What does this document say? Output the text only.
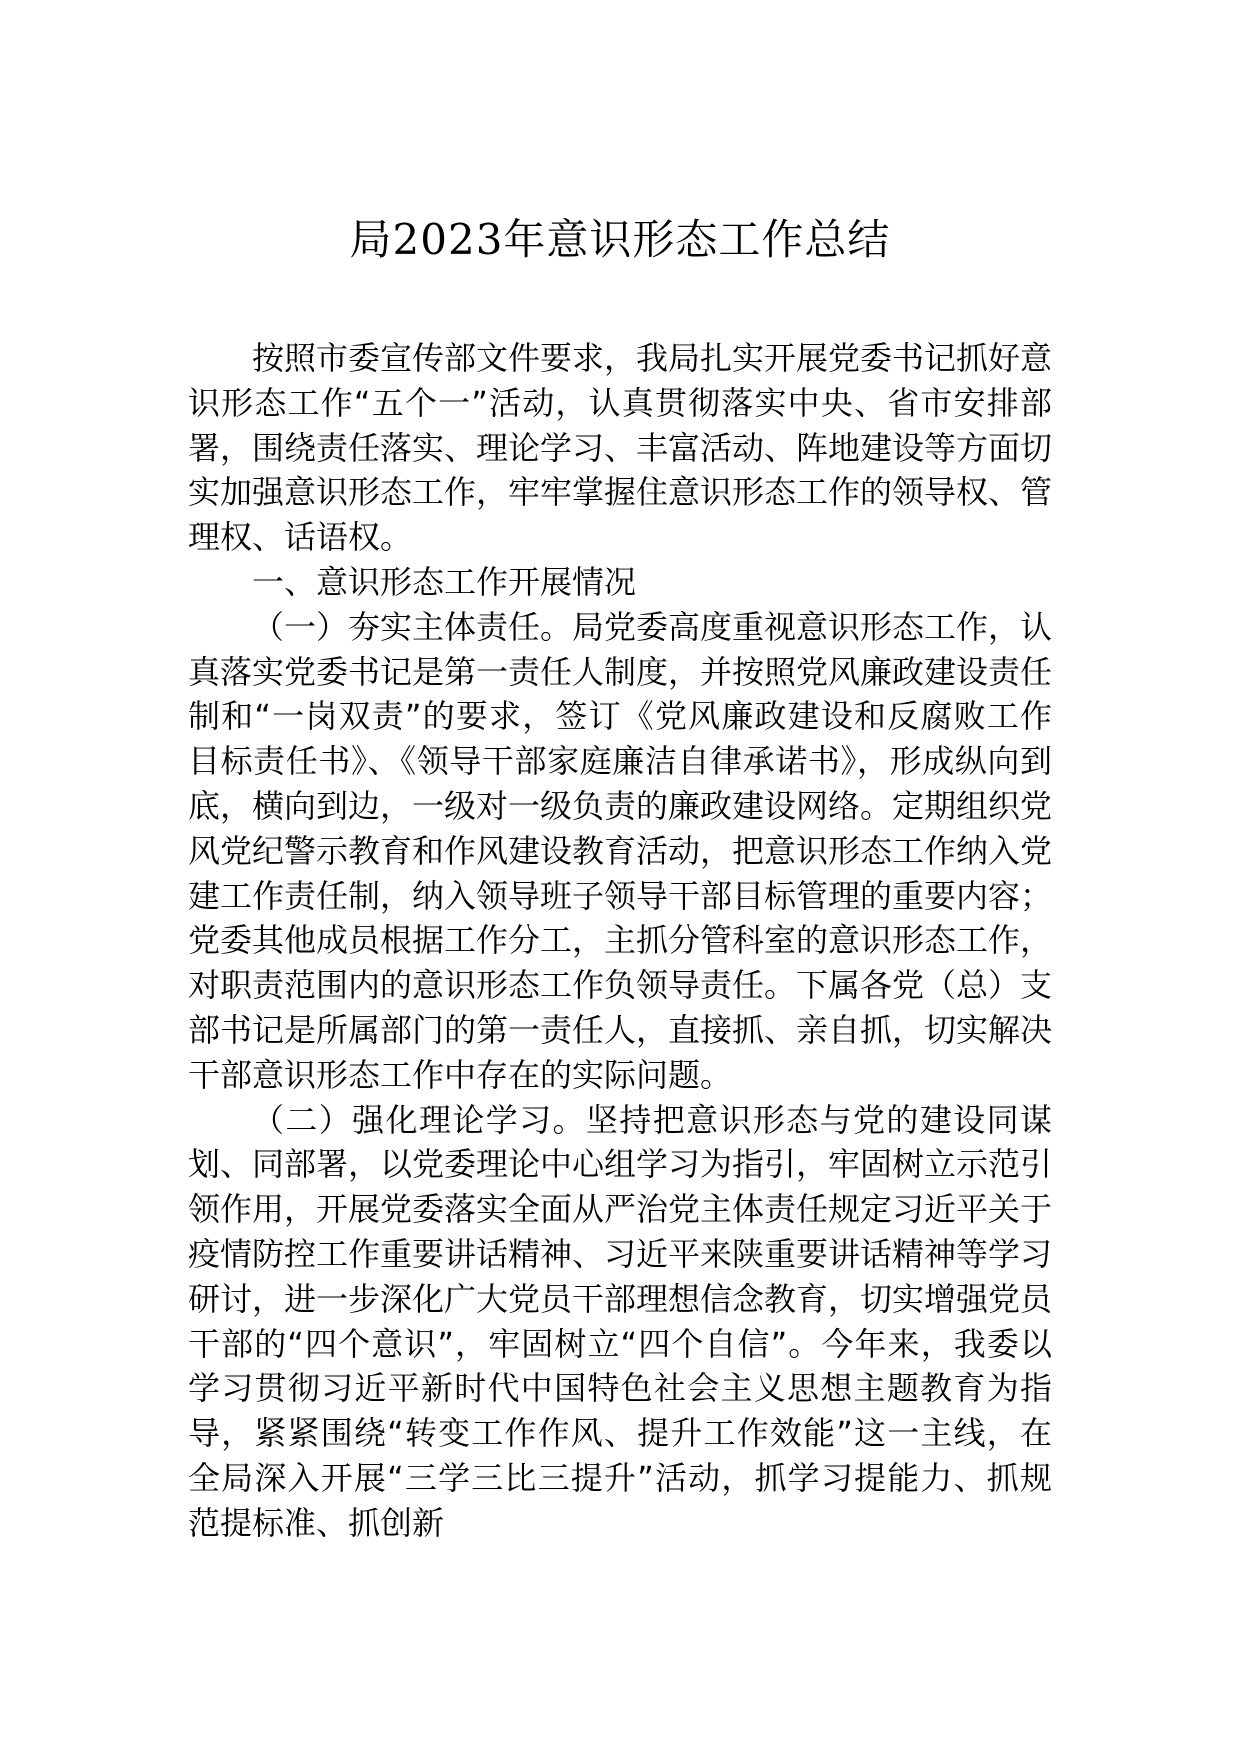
局2023年意识形态工作总结

按照市委宣传部文件要求，我局扎实开展党委书记抓好意识形态工作“五个一”活动，认真贯彻落实中央、省市安排部署，围绕责任落实、理论学习、丰富活动、阵地建设等方面切实加强意识形态工作，牢牢掌握住意识形态工作的领导权、管理权、话语权。

一、意识形态工作开展情况

（一）夯实主体责任。局党委高度重视意识形态工作，认真落实党委书记是第一责任人制度，并按照党风廉政建设责任制和“一岗双责”的要求，签订《党风廉政建设和反腐败工作目标责任书》、《领导干部家庭廉洁自律承诺书》，形成纵向到底，横向到边，一级对一级负责的廉政建设网络。定期组织党风党纪警示教育和作风建设教育活动，把意识形态工作纳入党建工作责任制，纳入领导班子领导干部目标管理的重要内容；党委其他成员根据工作分工，主抓分管科室的意识形态工作，对职责范围内的意识形态工作负领导责任。下属各党（总）支部书记是所属部门的第一责任人，直接抓、亲自抓，切实解决干部意识形态工作中存在的实际问题。

（二）强化理论学习。坚持把意识形态与党的建设同谋划、同部署，以党委理论中心组学习为指引，牢固树立示范引领作用，开展党委落实全面从严治党主体责任规定习近平关于疫情防控工作重要讲话精神、习近平来陕重要讲话精神等学习研讨，进一步深化广大党员干部理想信念教育，切实增强党员干部的“四个意识”，牢固树立“四个自信”。今年来，我委以学习贯彻习近平新时代中国特色社会主义思想主题教育为指导，紧紧围绕“转变工作作风、提升工作效能”这一主线，在全局深入开展“三学三比三提升”活动，抓学习提能力、抓规范提标准、抓创新
